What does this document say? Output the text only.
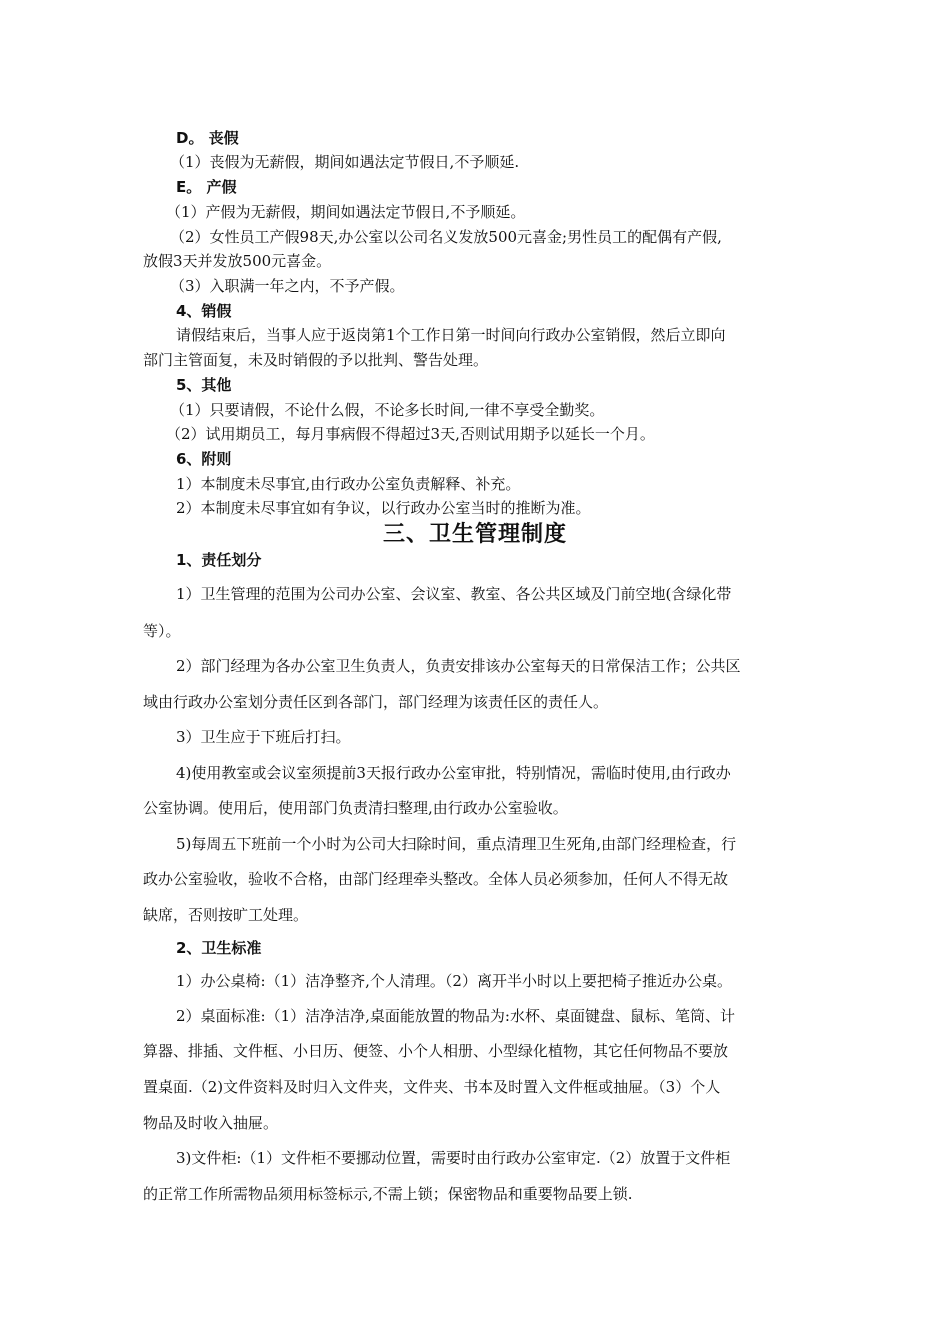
D。 丧假
（1）丧假为无薪假，期间如遇法定节假日,不予顺延.
E。 产假
（1）产假为无薪假，期间如遇法定节假日,不予顺延。
（2）女性员工产假98天,办公室以公司名义发放500元喜金;男性员工的配偶有产假,
放假3天并发放500元喜金。
（3）入职满一年之内，不予产假。
4、销假
请假结束后，当事人应于返岗第1个工作日第一时间向行政办公室销假，然后立即向
部门主管面复，未及时销假的予以批判、警告处理。
5、其他
（1）只要请假，不论什么假，不论多长时间,一律不享受全勤奖。
（2）试用期员工，每月事病假不得超过3天,否则试用期予以延长一个月。
6、附则
1）本制度未尽事宜,由行政办公室负责解释、补充。
2）本制度未尽事宜如有争议，以行政办公室当时的推断为准。
三、卫生管理制度
1、责任划分
1）卫生管理的范围为公司办公室、会议室、教室、各公共区域及门前空地(含绿化带
等）。
2）部门经理为各办公室卫生负责人，负责安排该办公室每天的日常保洁工作；公共区
域由行政办公室划分责任区到各部门，部门经理为该责任区的责任人。
3）卫生应于下班后打扫。
4)使用教室或会议室须提前3天报行政办公室审批，特别情况，需临时使用,由行政办
公室协调。使用后，使用部门负责清扫整理,由行政办公室验收。
5)每周五下班前一个小时为公司大扫除时间，重点清理卫生死角,由部门经理检查，行
政办公室验收，验收不合格，由部门经理牵头整改。全体人员必须参加，任何人不得无故
缺席，否则按旷工处理。
2、卫生标准
1）办公桌椅:（1）洁净整齐,个人清理。（2）离开半小时以上要把椅子推近办公桌。
2）桌面标准:（1）洁净洁净,桌面能放置的物品为:水杯、桌面键盘、鼠标、笔筒、计
算器、排插、文件框、小日历、便签、小个人相册、小型绿化植物，其它任何物品不要放
置桌面.（2)文件资料及时归入文件夹，文件夹、书本及时置入文件框或抽屉。（3）个人
物品及时收入抽屉。
3)文件柜:（1）文件柜不要挪动位置，需要时由行政办公室审定.（2）放置于文件柜
的正常工作所需物品须用标签标示,不需上锁；保密物品和重要物品要上锁.
